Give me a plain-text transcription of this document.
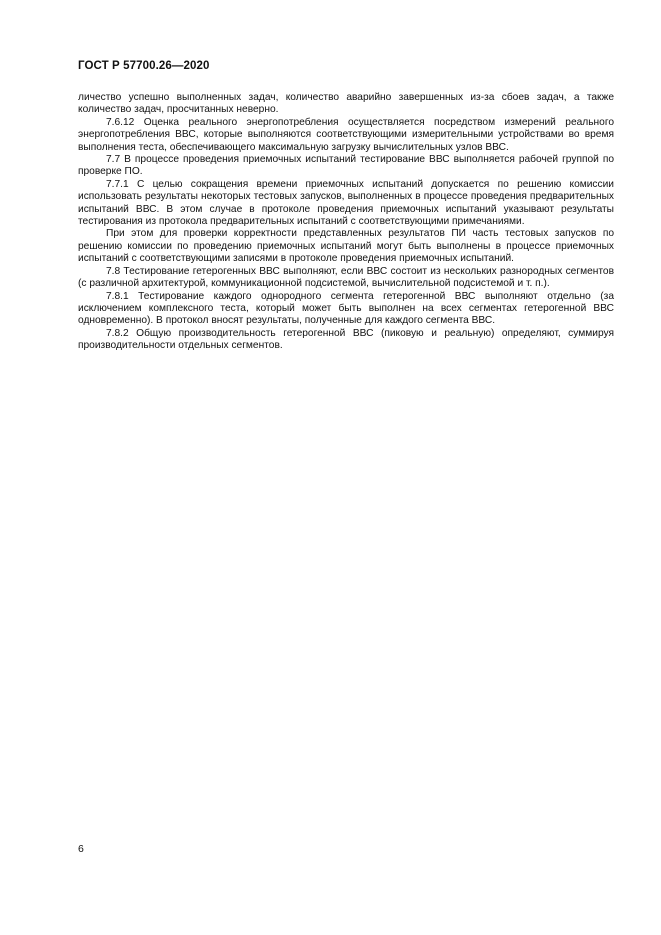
ГОСТ Р 57700.26—2020

личество успешно выполненных задач, количество аварийно завершенных из-за сбоев задач, а также количество задач, просчитанных неверно.

7.6.12 Оценка реального энергопотребления осуществляется посредством измерений реального энергопотребления ВВС, которые выполняются соответствующими измерительными устройствами во время выполнения теста, обеспечивающего максимальную загрузку вычислительных узлов ВВС.

7.7 В процессе проведения приемочных испытаний тестирование ВВС выполняется рабочей группой по проверке ПО.

7.7.1 С целью сокращения времени приемочных испытаний допускается по решению комиссии использовать результаты некоторых тестовых запусков, выполненных в процессе проведения предварительных испытаний ВВС. В этом случае в протоколе проведения приемочных испытаний указывают результаты тестирования из протокола предварительных испытаний с соответствующими примечаниями.

При этом для проверки корректности представленных результатов ПИ часть тестовых запусков по решению комиссии по проведению приемочных испытаний могут быть выполнены в процессе приемочных испытаний с соответствующими записями в протоколе проведения приемочных испытаний.

7.8 Тестирование гетерогенных ВВС выполняют, если ВВС состоит из нескольких разнородных сегментов (с различной архитектурой, коммуникационной подсистемой, вычислительной подсистемой и т. п.).

7.8.1 Тестирование каждого однородного сегмента гетерогенной ВВС выполняют отдельно (за исключением комплексного теста, который может быть выполнен на всех сегментах гетерогенной ВВС одновременно). В протокол вносят результаты, полученные для каждого сегмента ВВС.

7.8.2 Общую производительность гетерогенной ВВС (пиковую и реальную) определяют, суммируя производительности отдельных сегментов.

6
